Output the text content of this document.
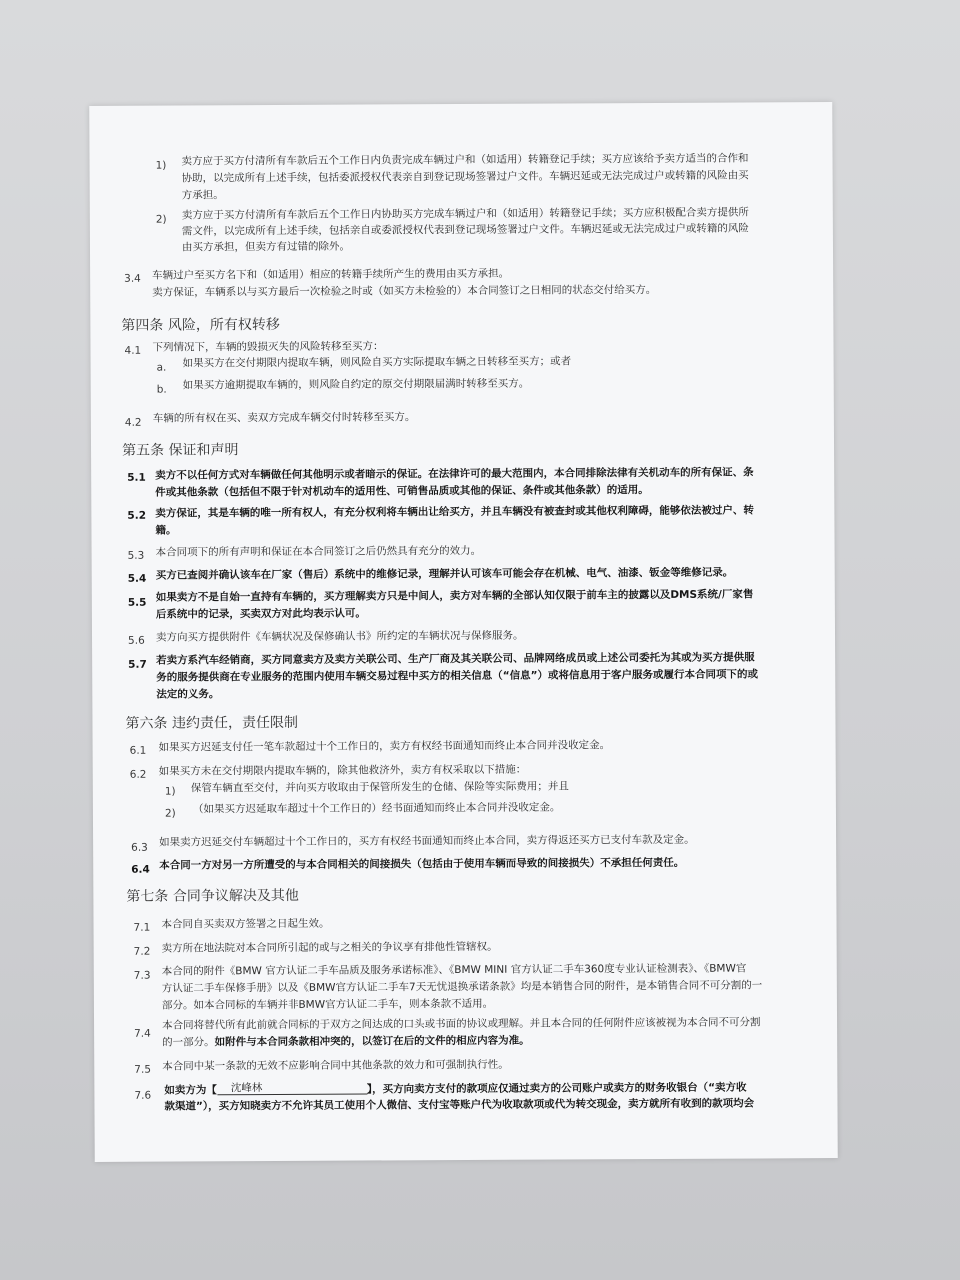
1) 卖方应于买方付清所有车款后五个工作日内负责完成车辆过户和（如适用）转籍登记手续；买方应该给予卖方适当的合作和
协助，以完成所有上述手续，包括委派授权代表亲自到登记现场签署过户文件。车辆迟延或无法完成过户或转籍的风险由买
方承担。
2) 卖方应于买方付清所有车款后五个工作日内协助买方完成车辆过户和（如适用）转籍登记手续；买方应积极配合卖方提供所
需文件，以完成所有上述手续，包括亲自或委派授权代表到登记现场签署过户文件。车辆迟延或无法完成过户或转籍的风险
由买方承担，但卖方有过错的除外。
3.4 车辆过户至买方名下和（如适用）相应的转籍手续所产生的费用由买方承担。
卖方保证，车辆系以与买方最后一次检验之时或（如买方未检验的）本合同签订之日相同的状态交付给买方。
第四条 风险，所有权转移
4.1 下列情况下，车辆的毁损灭失的风险转移至买方：
a. 如果买方在交付期限内提取车辆，则风险自买方实际提取车辆之日转移至买方；或者
b. 如果买方逾期提取车辆的，则风险自约定的原交付期限届满时转移至买方。
4.2 车辆的所有权在买、卖双方完成车辆交付时转移至买方。
第五条 保证和声明
5.1 卖方不以任何方式对车辆做任何其他明示或者暗示的保证。在法律许可的最大范围内，本合同排除法律有关机动车的所有保证、条
件或其他条款（包括但不限于针对机动车的适用性、可销售品质或其他的保证、条件或其他条款）的适用。
5.2 卖方保证，其是车辆的唯一所有权人，有充分权利将车辆出让给买方，并且车辆没有被查封或其他权利障碍，能够依法被过户、转
籍。
5.3 本合同项下的所有声明和保证在本合同签订之后仍然具有充分的效力。
5.4 买方已查阅并确认该车在厂家（售后）系统中的维修记录，理解并认可该车可能会存在机械、电气、油漆、钣金等维修记录。
5.5 如果卖方不是自始一直持有车辆的，买方理解卖方只是中间人，卖方对车辆的全部认知仅限于前车主的披露以及DMS系统/厂家售
后系统中的记录，买卖双方对此均表示认可。
5.6 卖方向买方提供附件《车辆状况及保修确认书》所约定的车辆状况与保修服务。
5.7 若卖方系汽车经销商，买方同意卖方及卖方关联公司、生产厂商及其关联公司、品牌网络成员或上述公司委托为其或为买方提供服
务的服务提供商在专业服务的范围内使用车辆交易过程中买方的相关信息（“信息”）或将信息用于客户服务或履行本合同项下的或
法定的义务。
第六条 违约责任，责任限制
6.1 如果买方迟延支付任一笔车款超过十个工作日的，卖方有权经书面通知而终止本合同并没收定金。
6.2 如果买方未在交付期限内提取车辆的，除其他救济外，卖方有权采取以下措施：
1) 保管车辆直至交付，并向买方收取由于保管所发生的仓储、保险等实际费用；并且
2) （如果买方迟延取车超过十个工作日的）经书面通知而终止本合同并没收定金。
6.3 如果卖方迟延交付车辆超过十个工作日的，买方有权经书面通知而终止本合同，卖方得返还买方已支付车款及定金。
6.4 本合同一方对另一方所遭受的与本合同相关的间接损失（包括由于使用车辆而导致的间接损失）不承担任何责任。
第七条 合同争议解决及其他
7.1 本合同自买卖双方签署之日起生效。
7.2 卖方所在地法院对本合同所引起的或与之相关的争议享有排他性管辖权。
7.3 本合同的附件《BMW 官方认证二手车品质及服务承诺标准》、《BMW MINI 官方认证二手车360度专业认证检测表》、《BMW官
方认证二手车保修手册》以及《BMW官方认证二手车7天无忧退换承诺条款》均是本销售合同的附件，是本销售合同不可分割的一
部分。如本合同标的车辆并非BMW官方认证二手车，则本条款不适用。
7.4
本合同将替代所有此前就合同标的于双方之间达成的口头或书面的协议或理解。并且本合同的任何附件应该被视为本合同不可分割
的一部分。如附件与本合同条款相冲突的，以签订在后的文件的相应内容为准。
7.5 本合同中某一条款的无效不应影响合同中其他条款的效力和可强制执行性。
7.6 如卖方为【 沈峰林	】，买方向卖方支付的款项应仅通过卖方的公司账户或卖方的财务收银台（“卖方收
款渠道”），买方知晓卖方不允许其员工使用个人微信、支付宝等账户代为收取款项或代为转交现金，卖方就所有收到的款项均会
